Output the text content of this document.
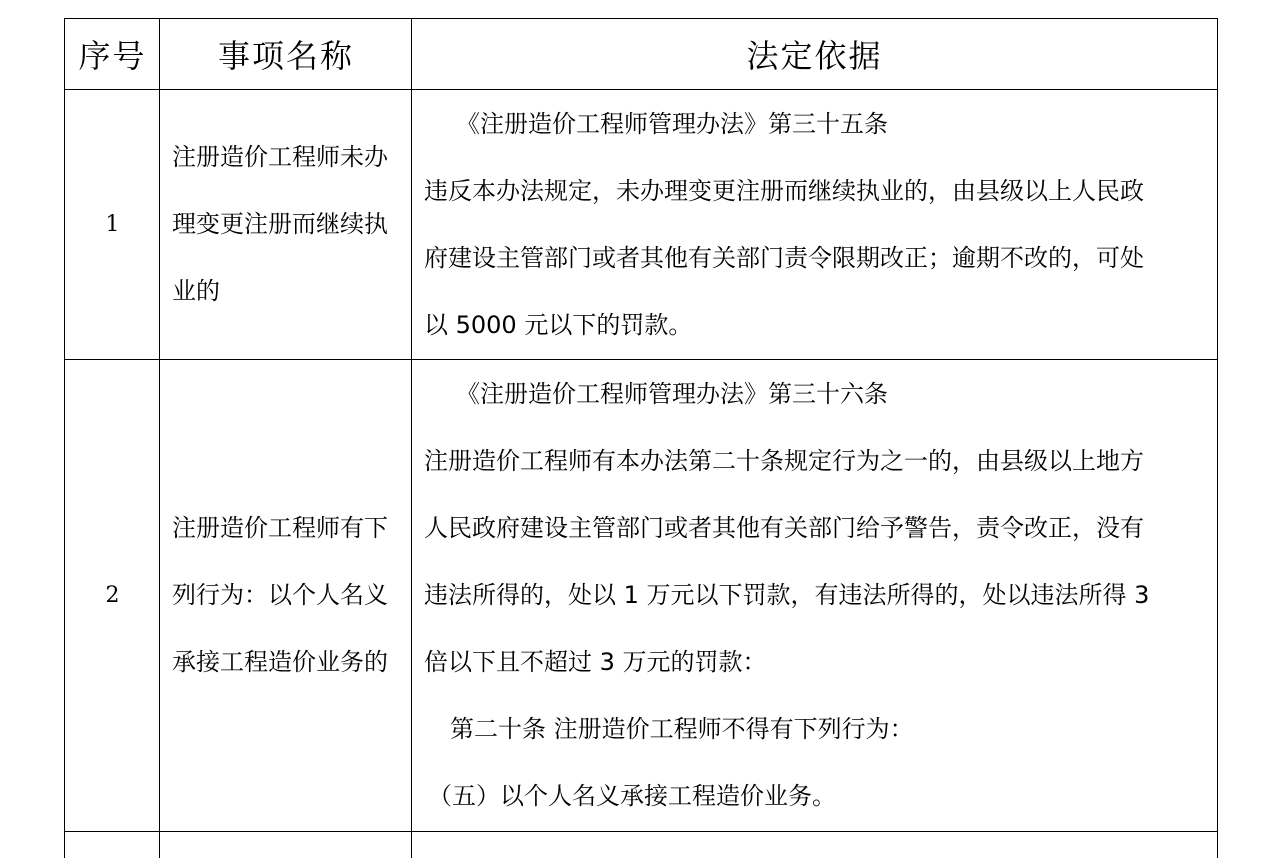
序号	事项名称	法定依据
1
注册造价工程师未办理变更注册而继续执业的
《注册造价工程师管理办法》第三十五条
违反本办法规定，未办理变更注册而继续执业的，由县级以上人民政
府建设主管部门或者其他有关部门责令限期改正；逾期不改的，可处
以 5000 元以下的罚款。
2
注册造价工程师有下列行为：以个人名义承接工程造价业务的
《注册造价工程师管理办法》第三十六条
注册造价工程师有本办法第二十条规定行为之一的，由县级以上地方
人民政府建设主管部门或者其他有关部门给予警告，责令改正，没有
违法所得的，处以 1 万元以下罚款，有违法所得的，处以违法所得 3
倍以下且不超过 3 万元的罚款：
第二十条 注册造价工程师不得有下列行为：
（五）以个人名义承接工程造价业务。
